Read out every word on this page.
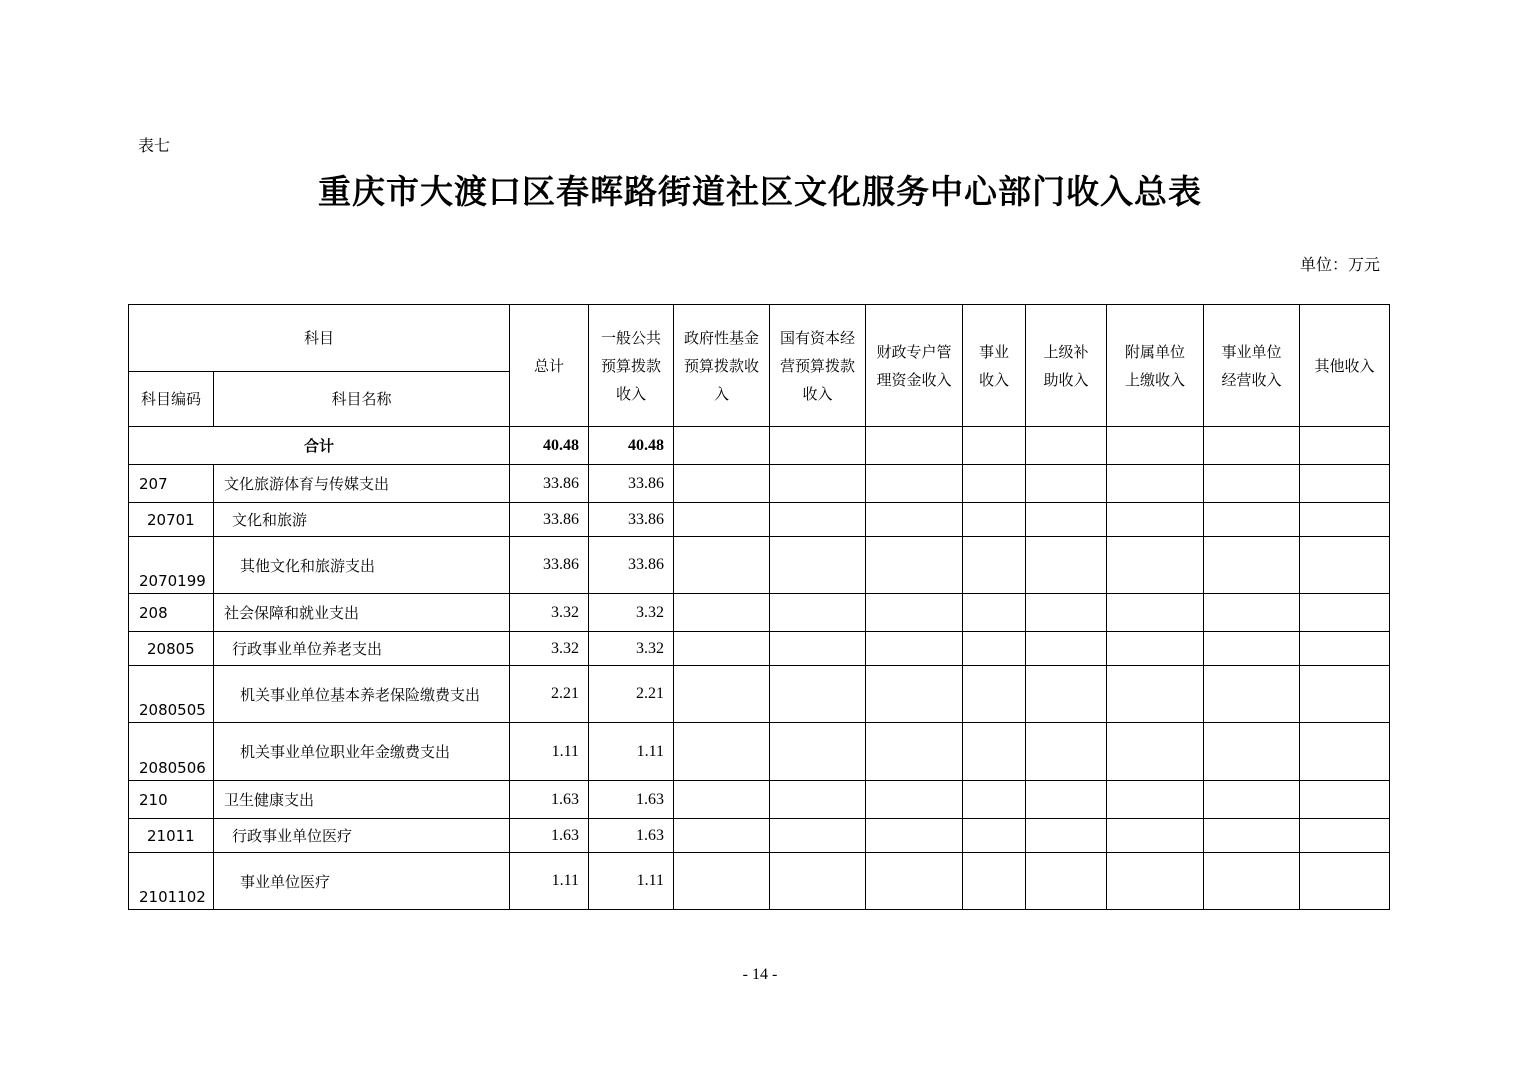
表七
重庆市大渡口区春晖路街道社区文化服务中心部门收入总表
单位：万元
科目		总计	一般公共预算拨款收入	政府性基金预算拨款收入	国有资本经营预算拨款收入	财政专户管理资金收入	事业收入	上级补助收入	附属单位上缴收入	事业单位经营收入	其他收入
科目编码	科目名称										
合计		40.48	40.48								
207	文化旅游体育与传媒支出	33.86	33.86								
20701	文化和旅游	33.86	33.86								
2070199	其他文化和旅游支出	33.86	33.86								
208	社会保障和就业支出	3.32	3.32								
20805	行政事业单位养老支出	3.32	3.32								
2080505	机关事业单位基本养老保险缴费支出	2.21	2.21								
2080506	机关事业单位职业年金缴费支出	1.11	1.11								
210	卫生健康支出	1.63	1.63								
21011	行政事业单位医疗	1.63	1.63								
2101102	事业单位医疗	1.11	1.11								
- 14 -
